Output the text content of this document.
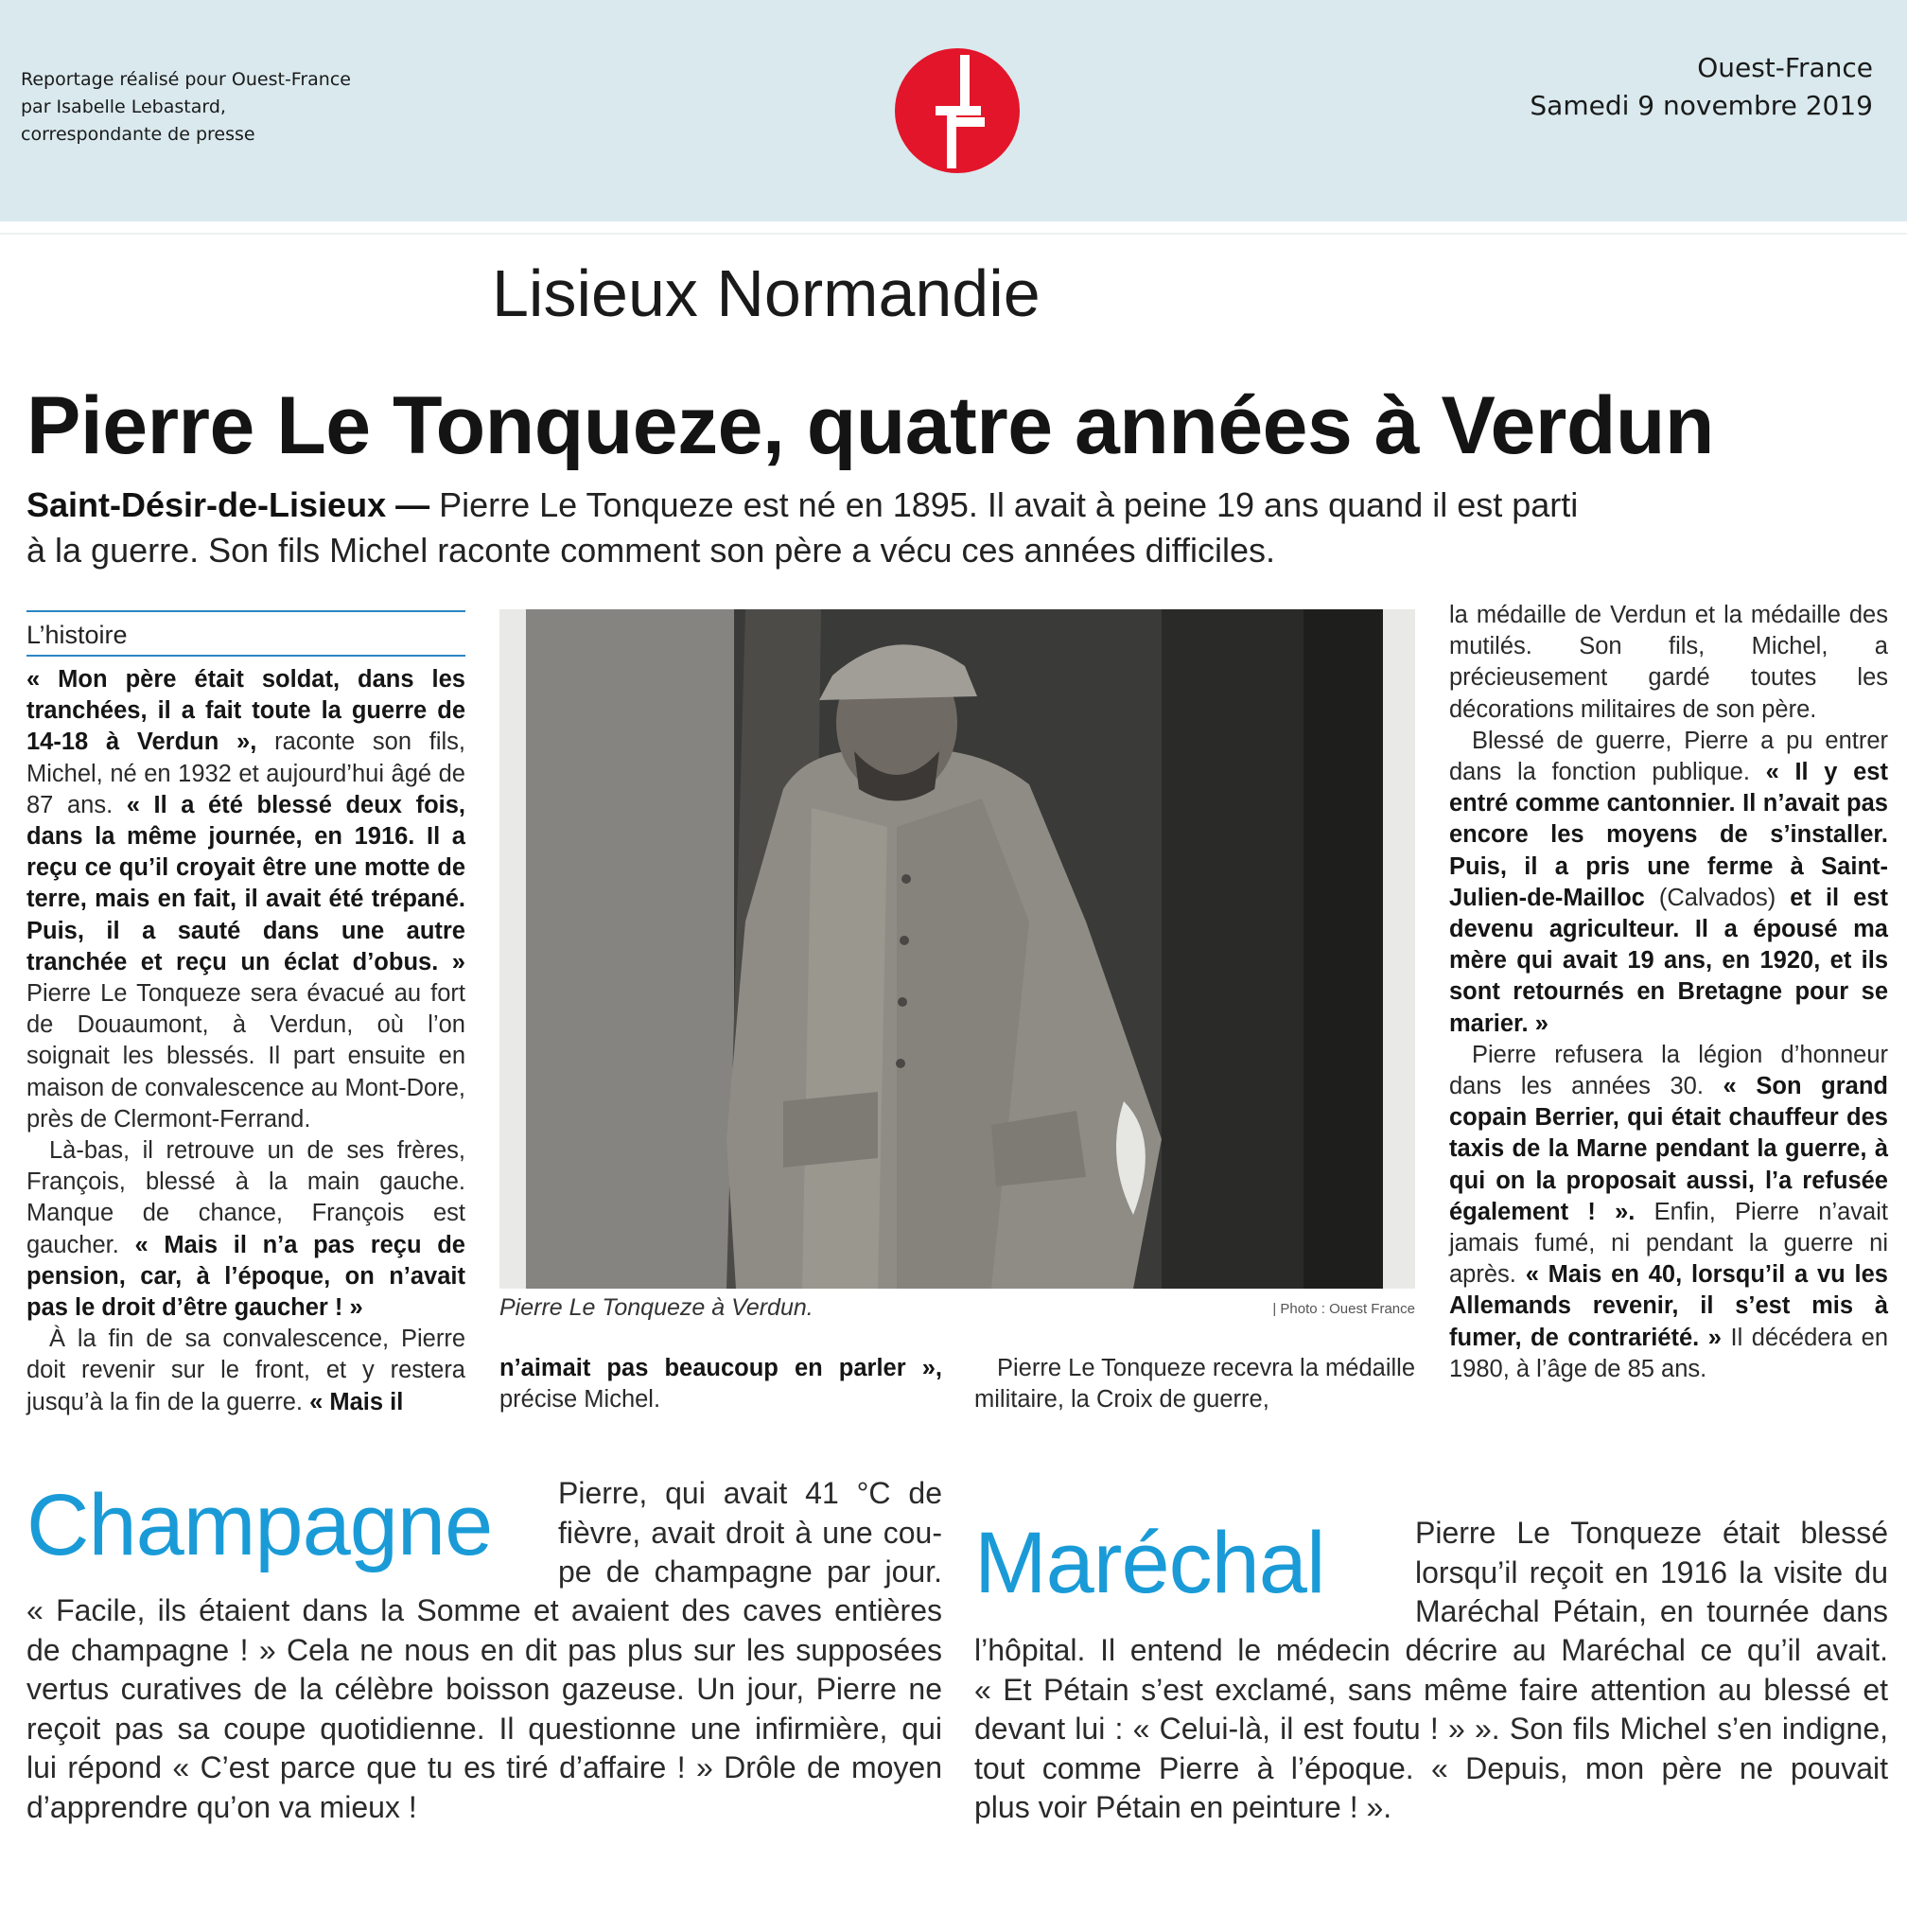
Reportage réalisé pour Ouest-France
par Isabelle Lebastard,
correspondante de presse
Ouest-France
Samedi 9 novembre 2019
Lisieux Normandie
Pierre Le Tonqueze, quatre années à Verdun
Saint-Désir-de-Lisieux — Pierre Le Tonqueze est né en 1895. Il avait à peine 19 ans quand il est parti
à la guerre. Son fils Michel raconte comment son père a vécu ces années difficiles.
L’histoire

« Mon père était soldat, dans les tranchées, il a fait toute la guerre de 14-18 à Verdun », raconte son fils, Michel, né en 1932 et aujourd’hui âgé de 87 ans. « Il a été blessé deux fois, dans la même journée, en 1916. Il a reçu ce qu’il croyait être une motte de terre, mais en fait, il avait été trépané. Puis, il a sauté dans une autre tranchée et reçu un éclat d’obus. » Pierre Le Tonqueze sera évacué au fort de Douaumont, à Verdun, où l’on soignait les blessés. Il part ensuite en maison de convalescence au Mont-Dore, près de Clermont-Ferrand.

Là-bas, il retrouve un de ses frères, François, blessé à la main gauche. Manque de chance, François est gaucher. « Mais il n’a pas reçu de pension, car, à l’époque, on n’avait pas le droit d’être gaucher ! »

À la fin de sa convalescence, Pierre doit revenir sur le front, et y restera jusqu’à la fin de la guerre. « Mais il

Pierre Le Tonqueze à Verdun.	| Photo : Ouest France

n’aimait pas beaucoup en parler », précise Michel.

Pierre Le Tonqueze recevra la médaille militaire, la Croix de guerre,

la médaille de Verdun et la médaille des mutilés. Son fils, Michel, a précieusement gardé toutes les décorations militaires de son père.

Blessé de guerre, Pierre a pu entrer dans la fonction publique. « Il y est entré comme cantonnier. Il n’avait pas encore les moyens de s’installer. Puis, il a pris une ferme à Saint-Julien-de-Mailloc (Calvados) et il est devenu agriculteur. Il a épousé ma mère qui avait 19 ans, en 1920, et ils sont retournés en Bretagne pour se marier. »

Pierre refusera la légion d’honneur dans les années 30. « Son grand copain Berrier, qui était chauffeur des taxis de la Marne pendant la guerre, à qui on la proposait aussi, l’a refusée également ! ». Enfin, Pierre n’avait jamais fumé, ni pendant la guerre ni après. « Mais en 40, lorsqu’il a vu les Allemands revenir, il s’est mis à fumer, de contrariété. » Il décédera en 1980, à l’âge de 85 ans.

Champagne Pierre, qui avait 41 °C de
fièvre, avait droit à une cou-
pe de champagne par jour.
« Facile, ils étaient dans la Somme et avaient des caves entières
de champagne ! » Cela ne nous en dit pas plus sur les supposées
vertus curatives de la célèbre boisson gazeuse. Un jour, Pierre ne
reçoit pas sa coupe quotidienne. Il questionne une infirmière, qui
lui répond « C’est parce que tu es tiré d’affaire ! » Drôle de moyen
d’apprendre qu’on va mieux !
Maréchal	Pierre Le Tonqueze était blessé
lorsqu’il reçoit en 1916 la visite du
Maréchal Pétain, en tournée dans
l’hôpital. Il entend le médecin décrire au Maréchal ce qu’il avait.
« Et Pétain s’est exclamé, sans même faire attention au blessé et
devant lui : « Celui-là, il est foutu ! » ». Son fils Michel s’en indigne,
tout comme Pierre à l’époque. « Depuis, mon père ne pouvait
plus voir Pétain en peinture ! ».
